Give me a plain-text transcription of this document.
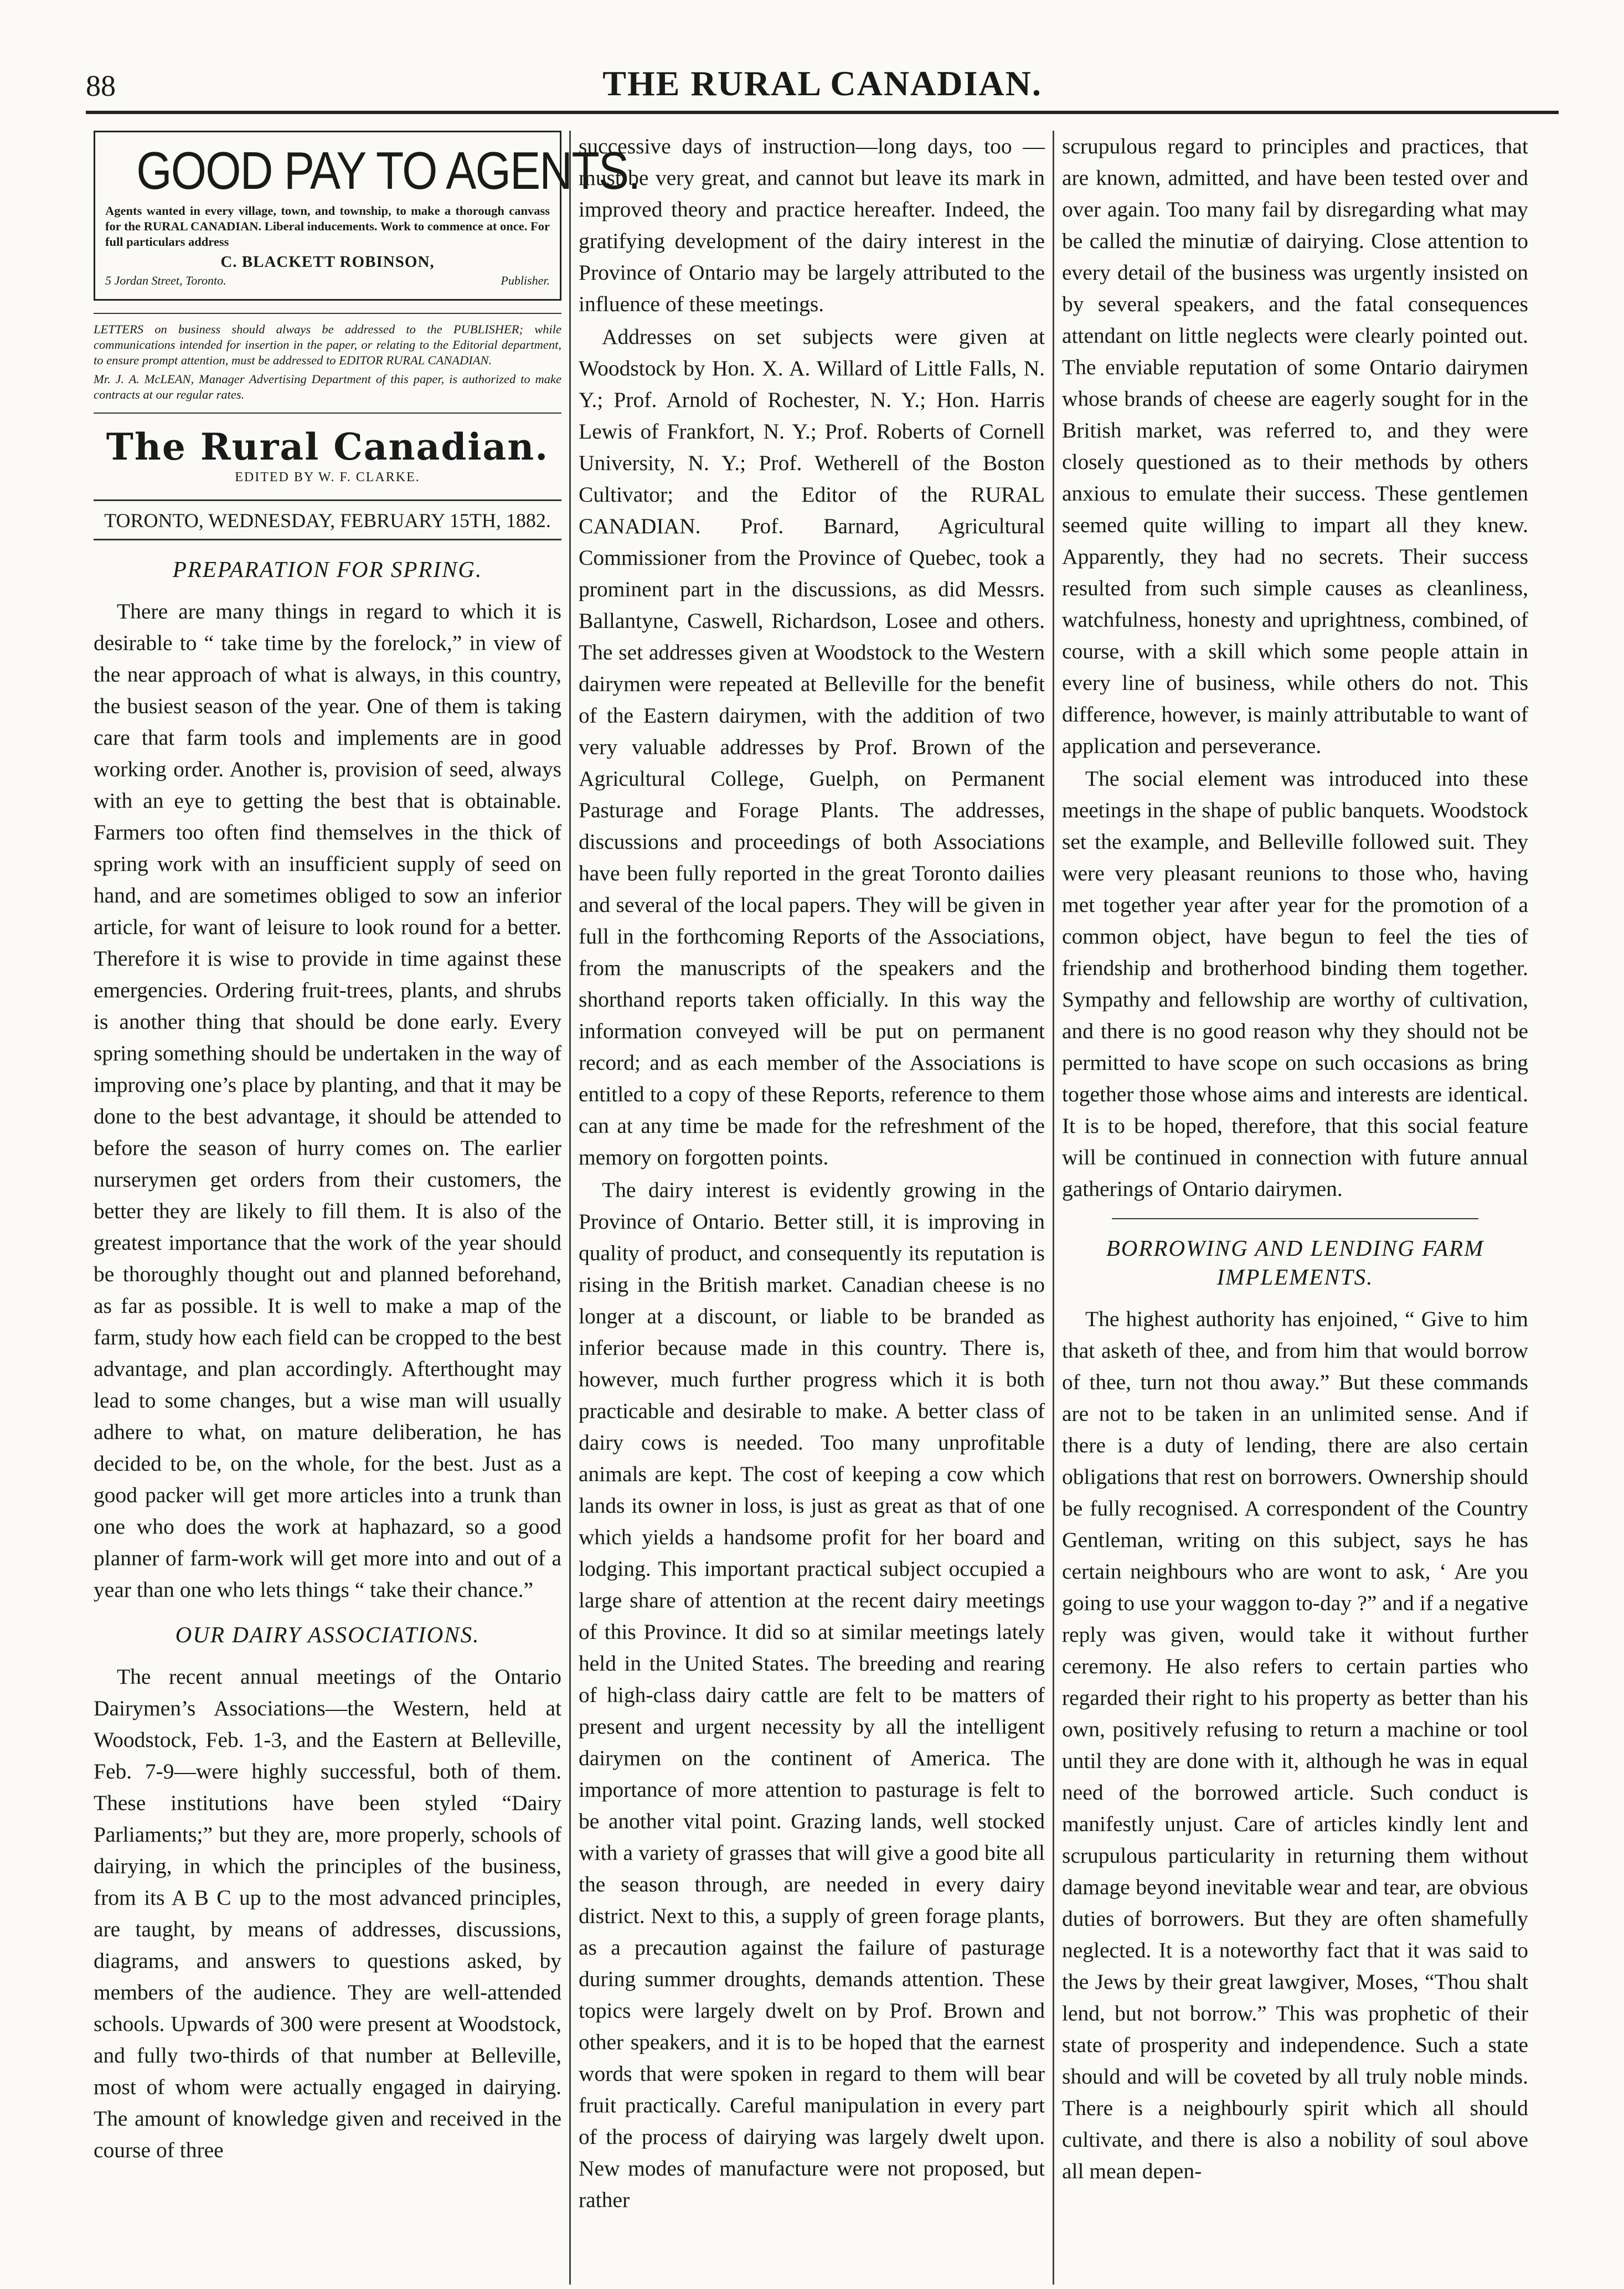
88	THE RURAL CANADIAN.
GOOD PAY TO AGENTS.
Agents wanted in every village, town, and township, to make a thorough canvass for the RURAL CANADIAN. Liberal inducements. Work to commence at once. For full particulars address
C. BLACKETT ROBINSON,
5 Jordan Street, Toronto.	Publisher.
LETTERS on business should always be addressed to the PUBLISHER; while communications intended for insertion in the paper, or relating to the Editorial department, to ensure prompt attention, must be addressed to EDITOR RURAL CANADIAN.
Mr. J. A. McLEAN, Manager Advertising Department of this paper, is authorized to make contracts at our regular rates.
The Rural Canadian.
EDITED BY W. F. CLARKE.
TORONTO, WEDNESDAY, FEBRUARY 15TH, 1882.
PREPARATION FOR SPRING.

There are many things in regard to which it is desirable to “ take time by the forelock,” in view of the near approach of what is always, in this country, the busiest season of the year. One of them is taking care that farm tools and implements are in good working order. Another is, provision of seed, always with an eye to getting the best that is obtainable. Farmers too often find themselves in the thick of spring work with an insufficient supply of seed on hand, and are sometimes obliged to sow an inferior article, for want of leisure to look round for a better. Therefore it is wise to provide in time against these emergencies. Ordering fruit-trees, plants, and shrubs is another thing that should be done early. Every spring something should be undertaken in the way of improving one’s place by planting, and that it may be done to the best advantage, it should be attended to before the season of hurry comes on. The earlier nurserymen get orders from their customers, the better they are likely to fill them. It is also of the greatest importance that the work of the year should be thoroughly thought out and planned beforehand, as far as possible. It is well to make a map of the farm, study how each field can be cropped to the best advantage, and plan accordingly. Afterthought may lead to some changes, but a wise man will usually adhere to what, on mature deliberation, he has decided to be, on the whole, for the best. Just as a good packer will get more articles into a trunk than one who does the work at haphazard, so a good planner of farm-work will get more into and out of a year than one who lets things “ take their chance.”

OUR DAIRY ASSOCIATIONS.

The recent annual meetings of the Ontario Dairymen’s Associations—the Western, held at Woodstock, Feb. 1-3, and the Eastern at Belleville, Feb. 7-9—were highly successful, both of them. These institutions have been styled “Dairy Parliaments;” but they are, more properly, schools of dairying, in which the principles of the business, from its A B C up to the most advanced principles, are taught, by means of addresses, discussions, diagrams, and answers to questions asked, by members of the audience. They are well-attended schools. Upwards of 300 were present at Woodstock, and fully two-thirds of that number at Belleville, most of whom were actually engaged in dairying. The amount of knowledge given and received in the course of three

successive days of instruction—long days, too —must be very great, and cannot but leave its mark in improved theory and practice hereafter. Indeed, the gratifying development of the dairy interest in the Province of Ontario may be largely attributed to the influence of these meetings.

Addresses on set subjects were given at Woodstock by Hon. X. A. Willard of Little Falls, N. Y.; Prof. Arnold of Rochester, N. Y.; Hon. Harris Lewis of Frankfort, N. Y.; Prof. Roberts of Cornell University, N. Y.; Prof. Wetherell of the Boston Cultivator; and the Editor of the RURAL CANADIAN. Prof. Barnard, Agricultural Commissioner from the Province of Quebec, took a prominent part in the discussions, as did Messrs. Ballantyne, Caswell, Richardson, Losee and others. The set addresses given at Woodstock to the Western dairymen were repeated at Belleville for the benefit of the Eastern dairymen, with the addition of two very valuable addresses by Prof. Brown of the Agricultural College, Guelph, on Permanent Pasturage and Forage Plants. The addresses, discussions and proceedings of both Associations have been fully reported in the great Toronto dailies and several of the local papers. They will be given in full in the forthcoming Reports of the Associations, from the manuscripts of the speakers and the shorthand reports taken officially. In this way the information conveyed will be put on permanent record; and as each member of the Associations is entitled to a copy of these Reports, reference to them can at any time be made for the refreshment of the memory on forgotten points.

The dairy interest is evidently growing in the Province of Ontario. Better still, it is improving in quality of product, and consequently its reputation is rising in the British market. Canadian cheese is no longer at a discount, or liable to be branded as inferior because made in this country. There is, however, much further progress which it is both practicable and desirable to make. A better class of dairy cows is needed. Too many unprofitable animals are kept. The cost of keeping a cow which lands its owner in loss, is just as great as that of one which yields a handsome profit for her board and lodging. This important practical subject occupied a large share of attention at the recent dairy meetings of this Province. It did so at similar meetings lately held in the United States. The breeding and rearing of high-class dairy cattle are felt to be matters of present and urgent necessity by all the intelligent dairymen on the continent of America. The importance of more attention to pasturage is felt to be another vital point. Grazing lands, well stocked with a variety of grasses that will give a good bite all the season through, are needed in every dairy district. Next to this, a supply of green forage plants, as a precaution against the failure of pasturage during summer droughts, demands attention. These topics were largely dwelt on by Prof. Brown and other speakers, and it is to be hoped that the earnest words that were spoken in regard to them will bear fruit practically. Careful manipulation in every part of the process of dairying was largely dwelt upon. New modes of manufacture were not proposed, but rather

scrupulous regard to principles and practices, that are known, admitted, and have been tested over and over again. Too many fail by disregarding what may be called the minutiæ of dairying. Close attention to every detail of the business was urgently insisted on by several speakers, and the fatal consequences attendant on little neglects were clearly pointed out. The enviable reputation of some Ontario dairymen whose brands of cheese are eagerly sought for in the British market, was referred to, and they were closely questioned as to their methods by others anxious to emulate their success. These gentlemen seemed quite willing to impart all they knew. Apparently, they had no secrets. Their success resulted from such simple causes as cleanliness, watchfulness, honesty and uprightness, combined, of course, with a skill which some people attain in every line of business, while others do not. This difference, however, is mainly attributable to want of application and perseverance.

The social element was introduced into these meetings in the shape of public banquets. Woodstock set the example, and Belleville followed suit. They were very pleasant reunions to those who, having met together year after year for the promotion of a common object, have begun to feel the ties of friendship and brotherhood binding them together. Sympathy and fellowship are worthy of cultivation, and there is no good reason why they should not be permitted to have scope on such occasions as bring together those whose aims and interests are identical. It is to be hoped, therefore, that this social feature will be continued in connection with future annual gatherings of Ontario dairymen.

BORROWING AND LENDING FARM IMPLEMENTS.

The highest authority has enjoined, “ Give to him that asketh of thee, and from him that would borrow of thee, turn not thou away.” But these commands are not to be taken in an unlimited sense. And if there is a duty of lending, there are also certain obligations that rest on borrowers. Ownership should be fully recognised. A correspondent of the Country Gentleman, writing on this subject, says he has certain neighbours who are wont to ask, ‘ Are you going to use your waggon to-day ?” and if a negative reply was given, would take it without further ceremony. He also refers to certain parties who regarded their right to his property as better than his own, positively refusing to return a machine or tool until they are done with it, although he was in equal need of the borrowed article. Such conduct is manifestly unjust. Care of articles kindly lent and scrupulous particularity in returning them without damage beyond inevitable wear and tear, are obvious duties of borrowers. But they are often shamefully neglected. It is a noteworthy fact that it was said to the Jews by their great lawgiver, Moses, “Thou shalt lend, but not borrow.” This was prophetic of their state of prosperity and independence. Such a state should and will be coveted by all truly noble minds. There is a neighbourly spirit which all should cultivate, and there is also a nobility of soul above all mean depen-
